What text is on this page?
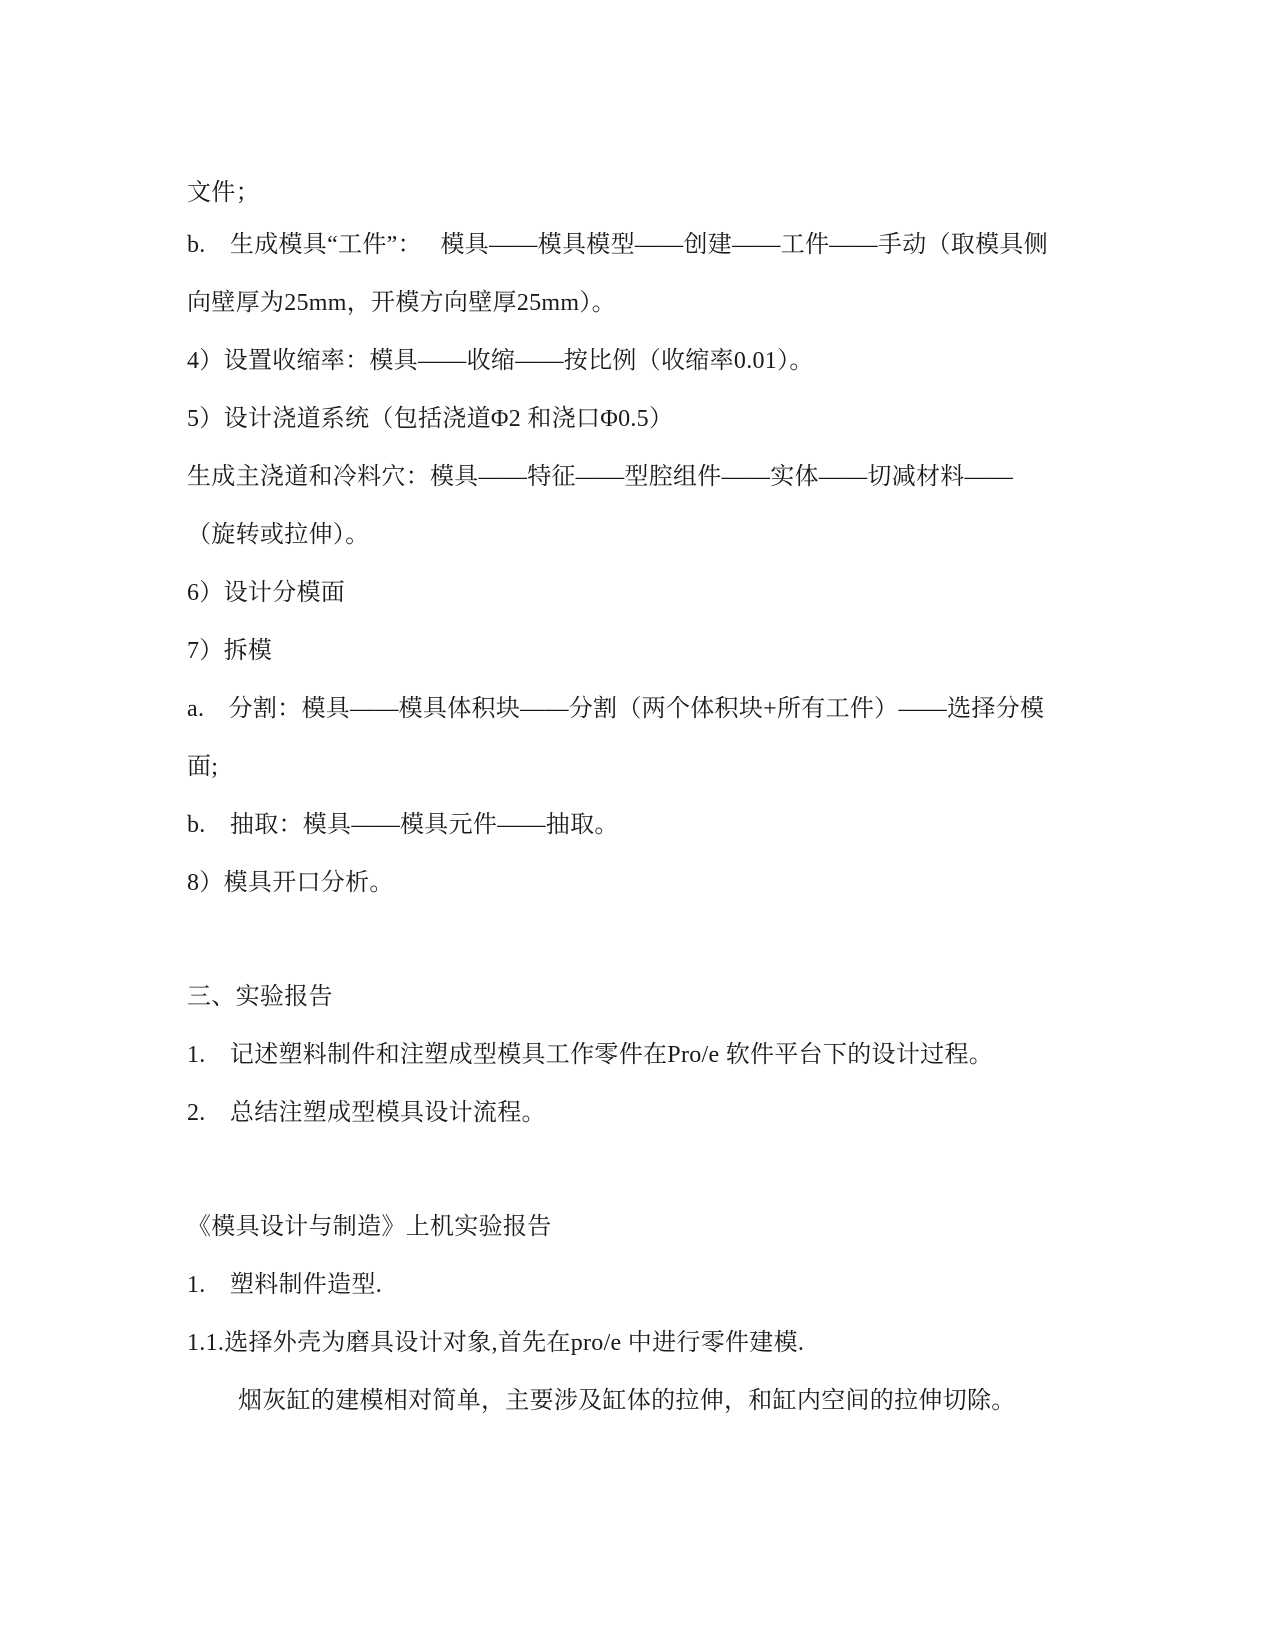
文件；
b.　生成模具“工件”：　 模具——模具模型——创建——工件——手动（取模具侧
向壁厚为25mm，开模方向壁厚25mm）。
4）设置收缩率：模具——收缩——按比例（收缩率0.01）。
5）设计浇道系统（包括浇道Φ2 和浇口Φ0.5）
生成主浇道和冷料穴：模具——特征——型腔组件——实体——切减材料——
（旋转或拉伸）。
6）设计分模面
7）拆模
a.　分割：模具——模具体积块——分割（两个体积块+所有工件）——选择分模
面;
b.　抽取：模具——模具元件——抽取。
8）模具开口分析。
三、实验报告
1.　记述塑料制件和注塑成型模具工作零件在Pro/e 软件平台下的设计过程。
2.　总结注塑成型模具设计流程。
《模具设计与制造》上机实验报告
1.　塑料制件造型.
1.1.选择外壳为磨具设计对象,首先在pro/e 中进行零件建模.
烟灰缸的建模相对简单，主要涉及缸体的拉伸，和缸内空间的拉伸切除。
